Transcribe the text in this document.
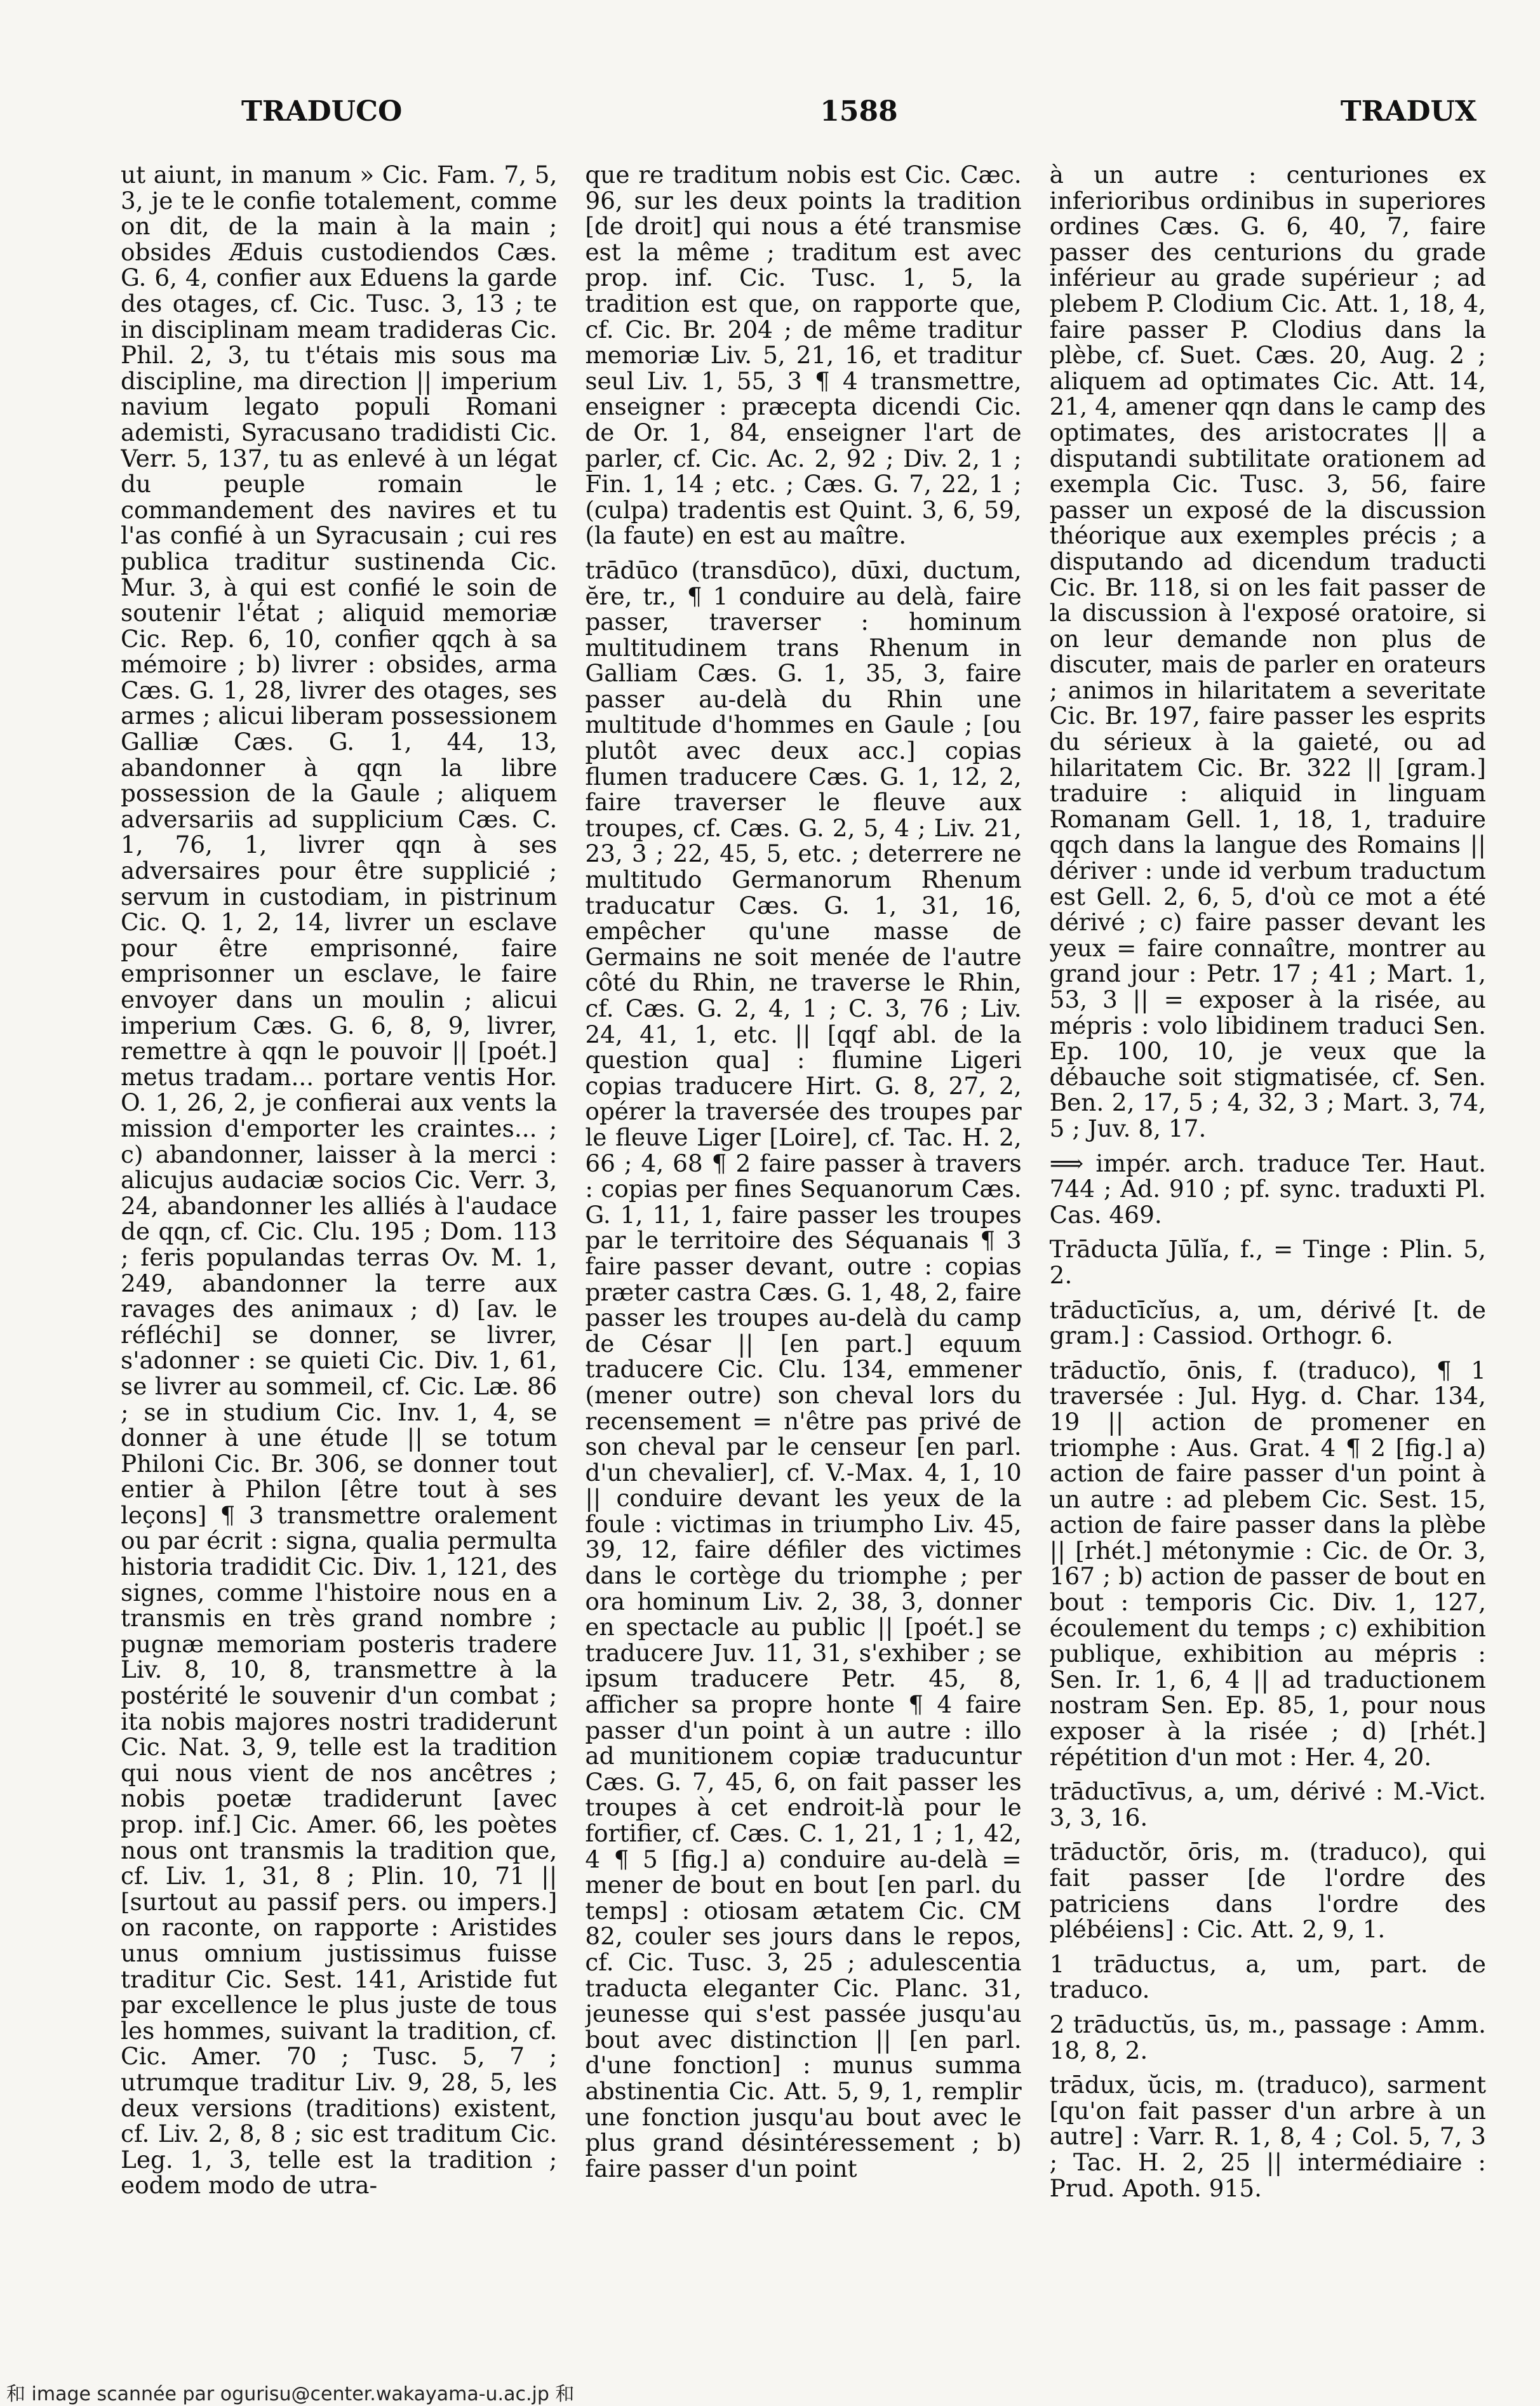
TRADUCO	1588	TRADUX

ut aiunt, in manum » Cic. Fam. 7, 5, 3, je te le confie totalement, comme on dit, de la main à la main ; obsides Æduis custodiendos Cæs. G. 6, 4, confier aux Eduens la garde des otages, cf. Cic. Tusc. 3, 13 ; te in disciplinam meam tradideras Cic. Phil. 2, 3, tu t'étais mis sous ma discipline, ma direction || imperium navium legato populi Romani ademisti, Syracusano tradidisti Cic. Verr. 5, 137, tu as enlevé à un légat du peuple romain le commandement des navires et tu l'as confié à un Syracusain ; cui res publica traditur sustinenda Cic. Mur. 3, à qui est confié le soin de soutenir l'état ; aliquid memoriæ Cic. Rep. 6, 10, confier qqch à sa mémoire ; b) livrer : obsides, arma Cæs. G. 1, 28, livrer des otages, ses armes ; alicui liberam possessionem Galliæ Cæs. G. 1, 44, 13, abandonner à qqn la libre possession de la Gaule ; aliquem adversariis ad supplicium Cæs. C. 1, 76, 1, livrer qqn à ses adversaires pour être supplicié ; servum in custodiam, in pistrinum Cic. Q. 1, 2, 14, livrer un esclave pour être emprisonné, faire emprisonner un esclave, le faire envoyer dans un moulin ; alicui imperium Cæs. G. 6, 8, 9, livrer, remettre à qqn le pouvoir || [poét.] metus tradam... portare ventis Hor. O. 1, 26, 2, je confierai aux vents la mission d'emporter les craintes... ; c) abandonner, laisser à la merci : alicujus audaciæ socios Cic. Verr. 3, 24, abandonner les alliés à l'audace de qqn, cf. Cic. Clu. 195 ; Dom. 113 ; feris populandas terras Ov. M. 1, 249, abandonner la terre aux ravages des animaux ; d) [av. le réfléchi] se donner, se livrer, s'adonner : se quieti Cic. Div. 1, 61, se livrer au sommeil, cf. Cic. Læ. 86 ; se in studium Cic. Inv. 1, 4, se donner à une étude || se totum Philoni Cic. Br. 306, se donner tout entier à Philon [être tout à ses leçons] ¶ 3 transmettre oralement ou par écrit : signa, qualia permulta historia tradidit Cic. Div. 1, 121, des signes, comme l'histoire nous en a transmis en très grand nombre ; pugnæ memoriam posteris tradere Liv. 8, 10, 8, transmettre à la postérité le souvenir d'un combat ; ita nobis majores nostri tradiderunt Cic. Nat. 3, 9, telle est la tradition qui nous vient de nos ancêtres ; nobis poetæ tradiderunt [avec prop. inf.] Cic. Amer. 66, les poètes nous ont transmis la tradition que, cf. Liv. 1, 31, 8 ; Plin. 10, 71 || [surtout au passif pers. ou impers.] on raconte, on rapporte : Aristides unus omnium justissimus fuisse traditur Cic. Sest. 141, Aristide fut par excellence le plus juste de tous les hommes, suivant la tradition, cf. Cic. Amer. 70 ; Tusc. 5, 7 ; utrumque traditur Liv. 9, 28, 5, les deux versions (traditions) existent, cf. Liv. 2, 8, 8 ; sic est traditum Cic. Leg. 1, 3, telle est la tradition ; eodem modo de utra-

que re traditum nobis est Cic. Cæc. 96, sur les deux points la tradition [de droit] qui nous a été transmise est la même ; traditum est avec prop. inf. Cic. Tusc. 1, 5, la tradition est que, on rapporte que, cf. Cic. Br. 204 ; de même traditur memoriæ Liv. 5, 21, 16, et traditur seul Liv. 1, 55, 3 ¶ 4 transmettre, enseigner : præcepta dicendi Cic. de Or. 1, 84, enseigner l'art de parler, cf. Cic. Ac. 2, 92 ; Div. 2, 1 ; Fin. 1, 14 ; etc. ; Cæs. G. 7, 22, 1 ; (culpa) tradentis est Quint. 3, 6, 59, (la faute) en est au maître.

trādūco (transdūco), dūxi, ductum, ĕre, tr., ¶ 1 conduire au delà, faire passer, traverser : hominum multitudinem trans Rhenum in Galliam Cæs. G. 1, 35, 3, faire passer au-delà du Rhin une multitude d'hommes en Gaule ; [ou plutôt avec deux acc.] copias flumen traducere Cæs. G. 1, 12, 2, faire traverser le fleuve aux troupes, cf. Cæs. G. 2, 5, 4 ; Liv. 21, 23, 3 ; 22, 45, 5, etc. ; deterrere ne multitudo Germanorum Rhenum traducatur Cæs. G. 1, 31, 16, empêcher qu'une masse de Germains ne soit menée de l'autre côté du Rhin, ne traverse le Rhin, cf. Cæs. G. 2, 4, 1 ; C. 3, 76 ; Liv. 24, 41, 1, etc. || [qqf abl. de la question qua] : flumine Ligeri copias traducere Hirt. G. 8, 27, 2, opérer la traversée des troupes par le fleuve Liger [Loire], cf. Tac. H. 2, 66 ; 4, 68 ¶ 2 faire passer à travers : copias per fines Sequanorum Cæs. G. 1, 11, 1, faire passer les troupes par le territoire des Séquanais ¶ 3 faire passer devant, outre : copias præter castra Cæs. G. 1, 48, 2, faire passer les troupes au-delà du camp de César || [en part.] equum traducere Cic. Clu. 134, emmener (mener outre) son cheval lors du recensement = n'être pas privé de son cheval par le censeur [en parl. d'un chevalier], cf. V.-Max. 4, 1, 10 || conduire devant les yeux de la foule : victimas in triumpho Liv. 45, 39, 12, faire défiler des victimes dans le cortège du triomphe ; per ora hominum Liv. 2, 38, 3, donner en spectacle au public || [poét.] se traducere Juv. 11, 31, s'exhiber ; se ipsum traducere Petr. 45, 8, afficher sa propre honte ¶ 4 faire passer d'un point à un autre : illo ad munitionem copiæ traducuntur Cæs. G. 7, 45, 6, on fait passer les troupes à cet endroit-là pour le fortifier, cf. Cæs. C. 1, 21, 1 ; 1, 42, 4 ¶ 5 [fig.] a) conduire au-delà = mener de bout en bout [en parl. du temps] : otiosam ætatem Cic. CM 82, couler ses jours dans le repos, cf. Cic. Tusc. 3, 25 ; adulescentia traducta eleganter Cic. Planc. 31, jeunesse qui s'est passée jusqu'au bout avec distinction || [en parl. d'une fonction] : munus summa abstinentia Cic. Att. 5, 9, 1, remplir une fonction jusqu'au bout avec le plus grand désintéressement ; b) faire passer d'un point

à un autre : centuriones ex inferioribus ordinibus in superiores ordines Cæs. G. 6, 40, 7, faire passer des centurions du grade inférieur au grade supérieur ; ad plebem P. Clodium Cic. Att. 1, 18, 4, faire passer P. Clodius dans la plèbe, cf. Suet. Cæs. 20, Aug. 2 ; aliquem ad optimates Cic. Att. 14, 21, 4, amener qqn dans le camp des optimates, des aristocrates || a disputandi subtilitate orationem ad exempla Cic. Tusc. 3, 56, faire passer un exposé de la discussion théorique aux exemples précis ; a disputando ad dicendum traducti Cic. Br. 118, si on les fait passer de la discussion à l'exposé oratoire, si on leur demande non plus de discuter, mais de parler en orateurs ; animos in hilaritatem a severitate Cic. Br. 197, faire passer les esprits du sérieux à la gaieté, ou ad hilaritatem Cic. Br. 322 || [gram.] traduire : aliquid in linguam Romanam Gell. 1, 18, 1, traduire qqch dans la langue des Romains || dériver : unde id verbum traductum est Gell. 2, 6, 5, d'où ce mot a été dérivé ; c) faire passer devant les yeux = faire connaître, montrer au grand jour : Petr. 17 ; 41 ; Mart. 1, 53, 3 || = exposer à la risée, au mépris : volo libidinem traduci Sen. Ep. 100, 10, je veux que la débauche soit stigmatisée, cf. Sen. Ben. 2, 17, 5 ; 4, 32, 3 ; Mart. 3, 74, 5 ; Juv. 8, 17.

⟹ impér. arch. traduce Ter. Haut. 744 ; Ad. 910 ; pf. sync. traduxti Pl. Cas. 469.

Trāducta Jūlĭa, f., = Tinge : Plin. 5, 2.

trāductīcĭus, a, um, dérivé [t. de gram.] : Cassiod. Orthogr. 6.

trāductĭo, ōnis, f. (traduco), ¶ 1 traversée : Jul. Hyg. d. Char. 134, 19 || action de promener en triomphe : Aus. Grat. 4 ¶ 2 [fig.] a) action de faire passer d'un point à un autre : ad plebem Cic. Sest. 15, action de faire passer dans la plèbe || [rhét.] métonymie : Cic. de Or. 3, 167 ; b) action de passer de bout en bout : temporis Cic. Div. 1, 127, écoulement du temps ; c) exhibition publique, exhibition au mépris : Sen. Ir. 1, 6, 4 || ad traductionem nostram Sen. Ep. 85, 1, pour nous exposer à la risée ; d) [rhét.] répétition d'un mot : Her. 4, 20.

trāductīvus, a, um, dérivé : M.-Vict. 3, 3, 16.

trāductŏr, ōris, m. (traduco), qui fait passer [de l'ordre des patriciens dans l'ordre des plébéiens] : Cic. Att. 2, 9, 1.

1 trāductus, a, um, part. de traduco.

2 trāductŭs, ūs, m., passage : Amm. 18, 8, 2.

trādux, ŭcis, m. (traduco), sarment [qu'on fait passer d'un arbre à un autre] : Varr. R. 1, 8, 4 ; Col. 5, 7, 3 ; Tac. H. 2, 25 || intermédiaire : Prud. Apoth. 915.

和 image scannée par ogurisu@center.wakayama-u.ac.jp 和
